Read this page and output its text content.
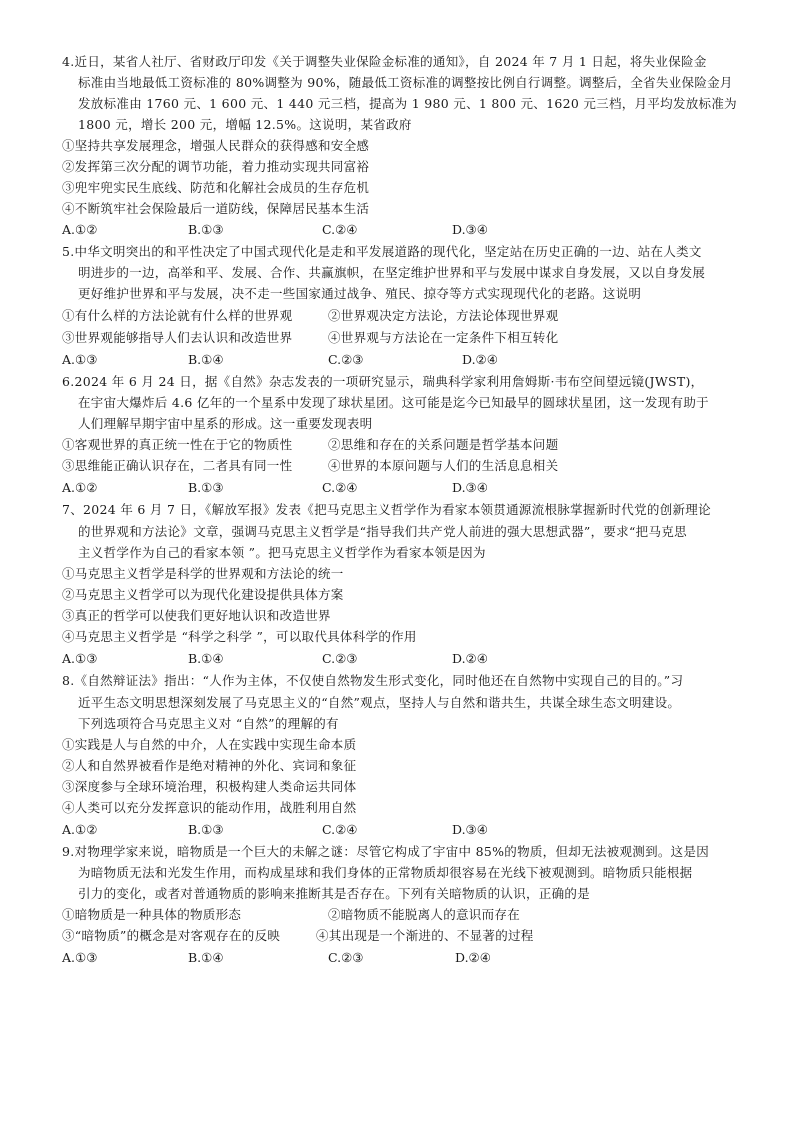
4.近日，某省人社厅、省财政厅印发《关于调整失业保险金标准的通知》，自 2024 年 7 月 1 日起，将失业保险金
标准由当地最低工资标准的 80%调整为 90%，随最低工资标准的调整按比例自行调整。调整后，全省失业保险金月
发放标准由 1760 元、1 600 元、1 440 元三档，提高为 1 980 元、1 800 元、1620 元三档，月平均发放标准为
1800 元，增长 200 元，增幅 12.5%。这说明，某省政府
①坚持共享发展理念，增强人民群众的获得感和安全感
②发挥第三次分配的调节功能，着力推动实现共同富裕
③兜牢兜实民生底线、防范和化解社会成员的生存危机
④不断筑牢社会保险最后一道防线，保障居民基本生活
A.①②	B.①③	C.②④	D.③④
5.中华文明突出的和平性决定了中国式现代化是走和平发展道路的现代化，坚定站在历史正确的一边、站在人类文
明进步的一边，高举和平、发展、合作、共赢旗帜，在坚定维护世界和平与发展中谋求自身发展，又以自身发展
更好维护世界和平与发展，决不走一些国家通过战争、殖民、掠夺等方式实现现代化的老路。这说明
①有什么样的方法论就有什么样的世界观	②世界观决定方法论，方法论体现世界观
③世界观能够指导人们去认识和改造世界	④世界观与方法论在一定条件下相互转化
A.①③	B.①④	C.②③	D.②④
6.2024 年 6 月 24 日，据《自然》杂志发表的一项研究显示，瑞典科学家利用詹姆斯·韦布空间望远镜(JWST)，
在宇宙大爆炸后 4.6 亿年的一个星系中发现了球状星团。这可能是迄今已知最早的圆球状星团，这一发现有助于
人们理解早期宇宙中星系的形成。这一重要发现表明
①客观世界的真正统一性在于它的物质性	②思维和存在的关系问题是哲学基本问题
③思维能正确认识存在，二者具有同一性	④世界的本原问题与人们的生活息息相关
A.①②	B.①③	C.②④	D.③④
7、2024 年 6 月 7 日，《解放军报》发表《把马克思主义哲学作为看家本领贯通源流根脉掌握新时代党的创新理论
的世界观和方法论》文章，强调马克思主义哲学是“指导我们共产党人前进的强大思想武器”，要求“把马克思
主义哲学作为自己的看家本领 ”。把马克思主义哲学作为看家本领是因为
①马克思主义哲学是科学的世界观和方法论的统一
②马克思主义哲学可以为现代化建设提供具体方案
③真正的哲学可以使我们更好地认识和改造世界
④马克思主义哲学是 “科学之科学 ”，可以取代具体科学的作用
A.①③	B.①④	C.②③	D.②④
8.《自然辩证法》指出：“人作为主体，不仅使自然物发生形式变化，同时他还在自然物中实现自己的目的。”习
近平生态文明思想深刻发展了马克思主义的“自然”观点，坚持人与自然和谐共生，共谋全球生态文明建设。
下列选项符合马克思主义对 “自然”的理解的有
①实践是人与自然的中介，人在实践中实现生命本质
②人和自然界被看作是绝对精神的外化、宾词和象征
③深度参与全球环境治理，积极构建人类命运共同体
④人类可以充分发挥意识的能动作用，战胜利用自然
A.①②	B.①③	C.②④	D.③④
9.对物理学家来说，暗物质是一个巨大的未解之谜：尽管它构成了宇宙中 85%的物质，但却无法被观测到。这是因
为暗物质无法和光发生作用，而构成星球和我们身体的正常物质却很容易在光线下被观测到。暗物质只能根据
引力的变化，或者对普通物质的影响来推断其是否存在。下列有关暗物质的认识，正确的是
①暗物质是一种具体的物质形态	②暗物质不能脱离人的意识而存在
③“暗物质”的概念是对客观存在的反映	④其出现是一个渐进的、不显著的过程
A.①③	B.①④	C.②③	D.②④
